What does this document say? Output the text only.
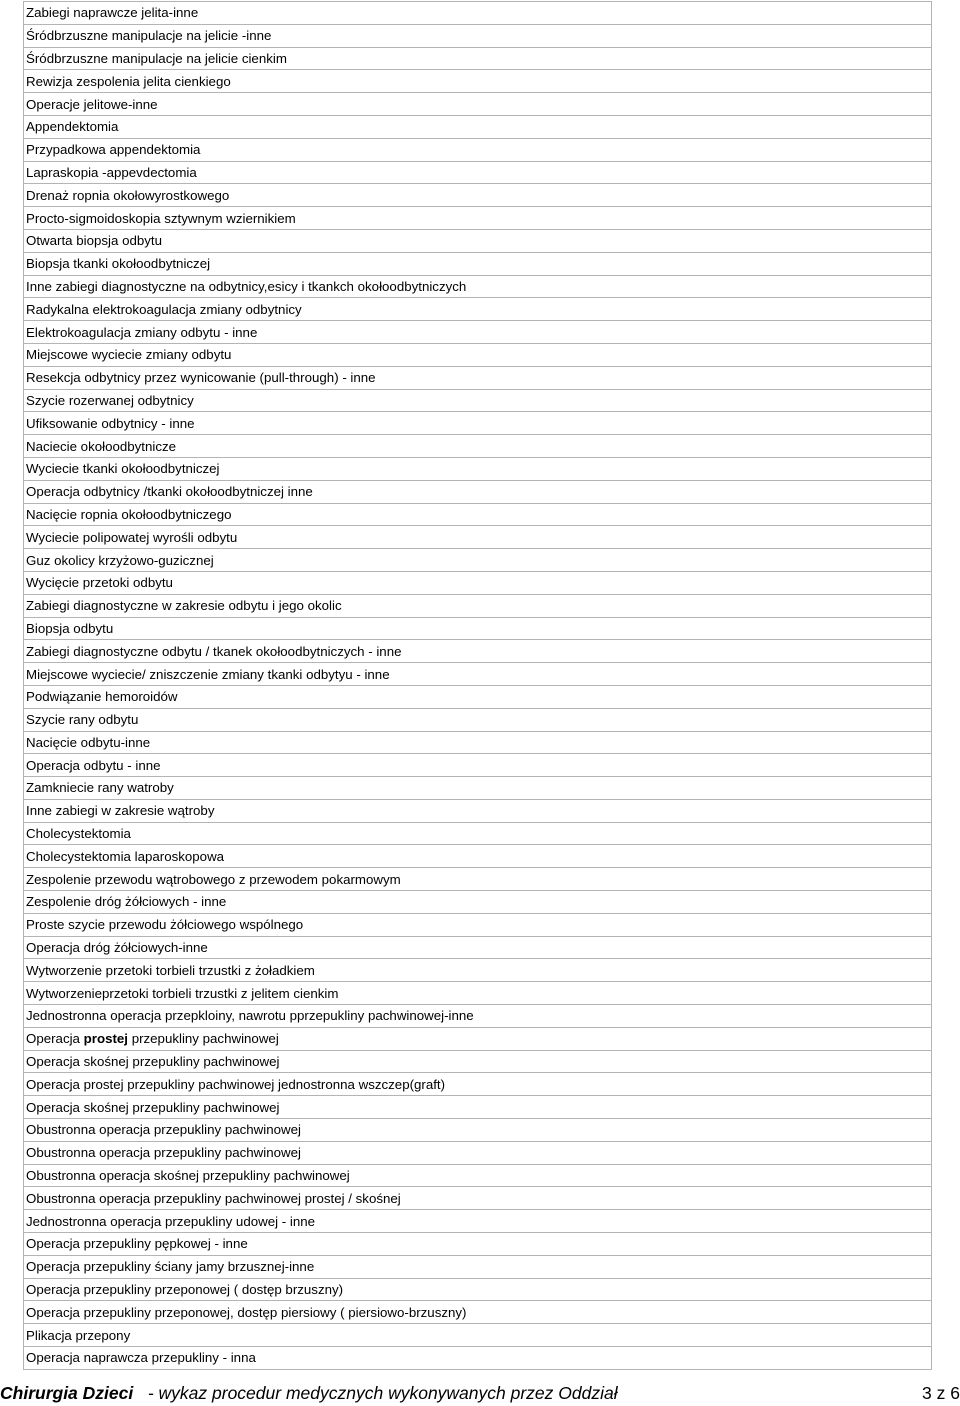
Zabiegi naprawcze jelita-inne
Śródbrzuszne manipulacje na jelicie -inne
Śródbrzuszne manipulacje na jelicie cienkim
Rewizja zespolenia jelita cienkiego
Operacje jelitowe-inne
Appendektomia
Przypadkowa appendektomia
Lapraskopia -appevdectomia
Drenaż ropnia okołowyrostkowego
Procto-sigmoidoskopia sztywnym wziernikiem
Otwarta biopsja odbytu
Biopsja tkanki okołoodbytniczej
Inne zabiegi diagnostyczne na odbytnicy,esicy i tkankch okołoodbytniczych
Radykalna elektrokoagulacja zmiany odbytnicy
Elektrokoagulacja zmiany odbytu - inne
Miejscowe wyciecie zmiany odbytu
Resekcja odbytnicy przez wynicowanie (pull-through) - inne
Szycie rozerwanej odbytnicy
Ufiksowanie odbytnicy - inne
Naciecie okołoodbytnicze
Wyciecie tkanki okołoodbytniczej
Operacja odbytnicy /tkanki okołoodbytniczej inne
Nacięcie ropnia okołoodbytniczego
Wyciecie polipowatej wyrośli odbytu
Guz okolicy krzyżowo-guzicznej
Wycięcie przetoki odbytu
Zabiegi diagnostyczne w zakresie odbytu i jego okolic
Biopsja odbytu
Zabiegi diagnostyczne odbytu / tkanek okołoodbytniczych - inne
Miejscowe wyciecie/ zniszczenie zmiany tkanki odbytyu - inne
Podwiązanie hemoroidów
Szycie rany odbytu
Nacięcie odbytu-inne
Operacja odbytu - inne
Zamkniecie rany watroby
Inne zabiegi w zakresie wątroby
Cholecystektomia
Cholecystektomia laparoskopowa
Zespolenie przewodu wątrobowego z przewodem pokarmowym
Zespolenie dróg żółciowych - inne
Proste szycie przewodu żółciowego wspólnego
Operacja dróg żółciowych-inne
Wytworzenie przetoki torbieli trzustki z żoładkiem
Wytworzenieprzetoki torbieli trzustki z jelitem cienkim
Jednostronna operacja przepkloiny, nawrotu pprzepukliny pachwinowej-inne
Operacja prostej przepukliny pachwinowej
Operacja skośnej przepukliny pachwinowej
Operacja prostej przepukliny pachwinowej jednostronna wszczep(graft)
Operacja skośnej przepukliny pachwinowej
Obustronna operacja przepukliny pachwinowej
Obustronna operacja przepukliny pachwinowej
Obustronna operacja skośnej przepukliny pachwinowej
Obustronna operacja przepukliny pachwinowej prostej / skośnej
Jednostronna operacja przepukliny udowej - inne
Operacja przepukliny pępkowej - inne
Operacja przepukliny ściany jamy brzusznej-inne
Operacja przepukliny przeponowej ( dostęp brzuszny)
Operacja przepukliny przeponowej, dostęp piersiowy ( piersiowo-brzuszny)
Plikacja przepony
Operacja naprawcza przepukliny - inna
Chirurgia Dzieci - wykaz procedur medycznych wykonywanych przez Oddział	3 z 6
